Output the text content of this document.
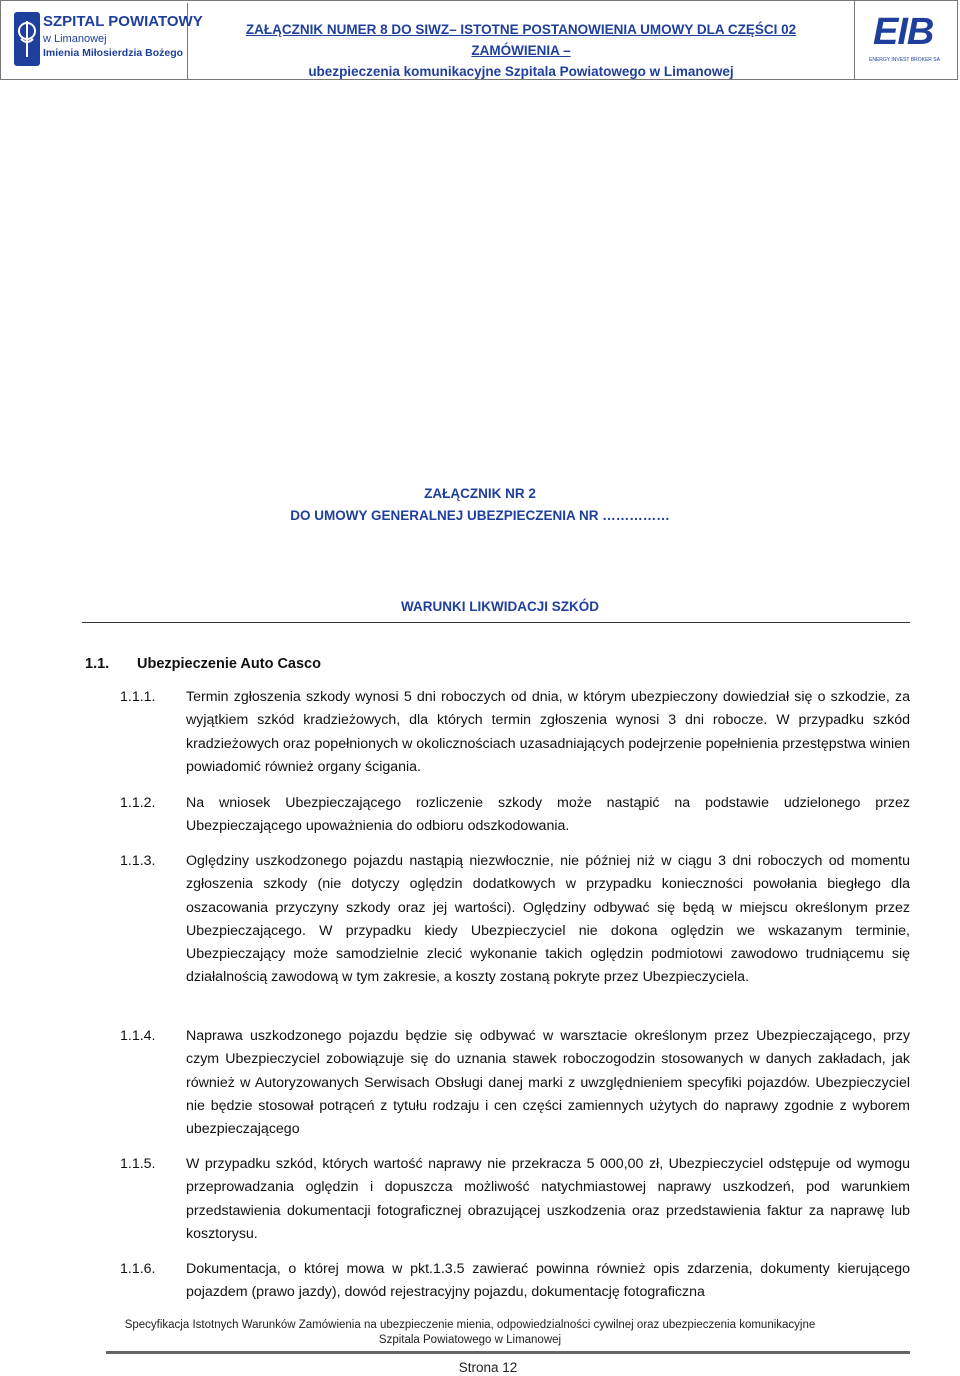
SZPITAL POWIATOWY
w Limanowej
Imienia Miłosierdzia Bożego
ZAŁĄCZNIK NUMER 8 DO SIWZ– ISTOTNE POSTANOWIENIA UMOWY DLA CZĘŚCI 02 ZAMÓWIENIA –
ubezpieczenia komunikacyjne Szpitala Powiatowego w Limanowej
EIB
ENERGY INVEST BROKER SA
ZAŁĄCZNIK NR 2
DO UMOWY GENERALNEJ UBEZPIECZENIA NR ……………
WARUNKI LIKWIDACJI SZKÓD
1.1. Ubezpieczenie Auto Casco
1.1.1.	Termin zgłoszenia szkody wynosi 5 dni roboczych od dnia, w którym ubezpieczony dowiedział się o szkodzie, za wyjątkiem szkód kradzieżowych, dla których termin zgłoszenia wynosi 3 dni robocze. W przypadku szkód kradzieżowych oraz popełnionych w okolicznościach uzasadniających podejrzenie popełnienia przestępstwa winien powiadomić również organy ścigania.
1.1.2.	Na wniosek Ubezpieczającego rozliczenie szkody może nastąpić na podstawie udzielonego przez Ubezpieczającego upoważnienia do odbioru odszkodowania.
1.1.3.	Oględziny uszkodzonego pojazdu nastąpią niezwłocznie, nie później niż w ciągu 3 dni roboczych od momentu zgłoszenia szkody (nie dotyczy oględzin dodatkowych w przypadku konieczności powołania biegłego dla oszacowania przyczyny szkody oraz jej wartości). Oględziny odbywać się będą w miejscu określonym przez Ubezpieczającego. W przypadku kiedy Ubezpieczyciel nie dokona oględzin we wskazanym terminie, Ubezpieczający może samodzielnie zlecić wykonanie takich oględzin podmiotowi zawodowo trudniącemu się działalnością zawodową w tym zakresie, a koszty zostaną pokryte przez Ubezpieczyciela.
1.1.4.	Naprawa uszkodzonego pojazdu będzie się odbywać w warsztacie określonym przez Ubezpieczającego, przy czym Ubezpieczyciel zobowiązuje się do uznania stawek roboczogodzin stosowanych w danych zakładach, jak również w Autoryzowanych Serwisach Obsługi danej marki z uwzględnieniem specyfiki pojazdów. Ubezpieczyciel nie będzie stosował potrąceń z tytułu rodzaju i cen części zamiennych użytych do naprawy zgodnie z wyborem ubezpieczającego
1.1.5.	W przypadku szkód, których wartość naprawy nie przekracza 5 000,00 zł, Ubezpieczyciel odstępuje od wymogu przeprowadzania oględzin i dopuszcza możliwość natychmiastowej naprawy uszkodzeń, pod warunkiem przedstawienia dokumentacji fotograficznej obrazującej uszkodzenia oraz przedstawienia faktur za naprawę lub kosztorysu.
1.1.6.	Dokumentacja, o której mowa w pkt.1.3.5 zawierać powinna również opis zdarzenia, dokumenty kierującego pojazdem (prawo jazdy), dowód rejestracyjny pojazdu, dokumentację fotograficzna
Specyfikacja Istotnych Warunków Zamówienia na ubezpieczenie mienia, odpowiedzialności cywilnej oraz ubezpieczenia komunikacyjne
Szpitala Powiatowego w Limanowej
Strona 12
